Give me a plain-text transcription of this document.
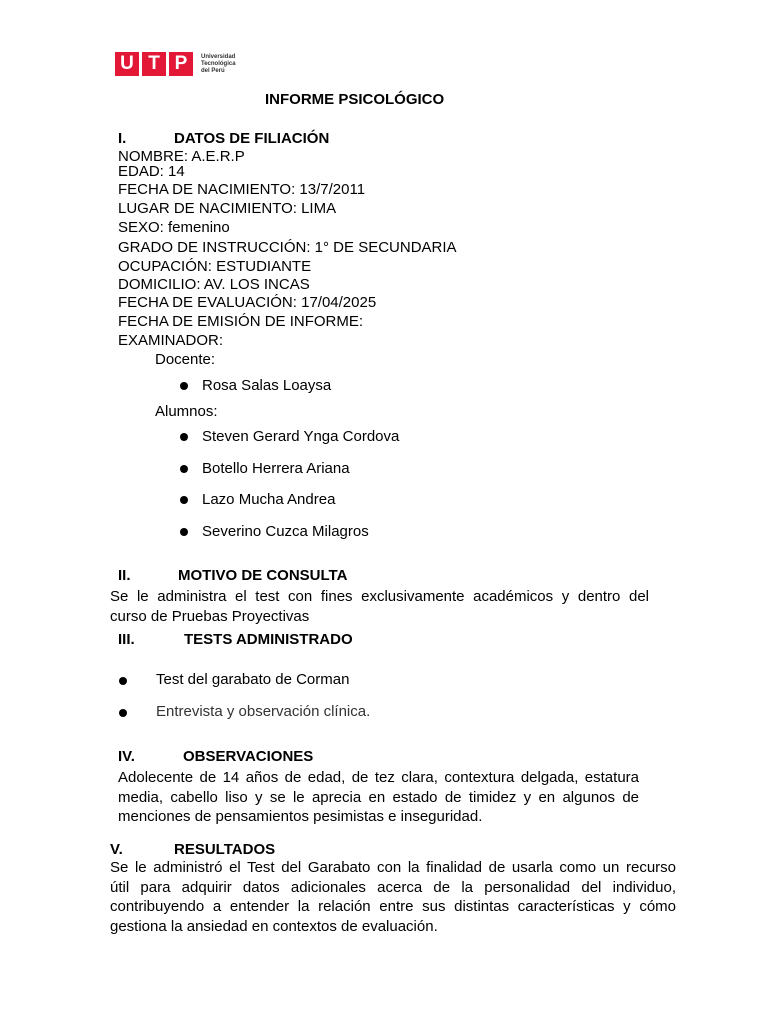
U T P	Universidad
Tecnológica
del Perú
INFORME PSICOLÓGICO
I.	DATOS DE FILIACIÓN
NOMBRE: A.E.R.P
EDAD: 14
FECHA DE NACIMIENTO: 13/7/2011
LUGAR DE NACIMIENTO: LIMA
SEXO: femenino
GRADO DE INSTRUCCIÓN: 1° DE SECUNDARIA
OCUPACIÓN: ESTUDIANTE
DOMICILIO: AV. LOS INCAS
FECHA DE EVALUACIÓN: 17/04/2025
FECHA DE EMISIÓN DE INFORME:
EXAMINADOR:
Docente:
Rosa Salas Loaysa
Alumnos:
Steven Gerard Ynga Cordova
Botello Herrera Ariana
Lazo Mucha Andrea
Severino Cuzca Milagros
II.	MOTIVO DE CONSULTA
Se le administra el test con fines exclusivamente académicos y dentro del
curso de Pruebas Proyectivas
III.	TESTS ADMINISTRADO
Test del garabato de Corman
Entrevista y observación clínica.
IV.	OBSERVACIONES
Adolecente de 14 años de edad, de tez clara, contextura delgada, estatura
media, cabello liso y se le aprecia en estado de timidez y en algunos de
menciones de pensamientos pesimistas e inseguridad.
V.	RESULTADOS
Se le administró el Test del Garabato con la finalidad de usarla como un recurso
útil para adquirir datos adicionales acerca de la personalidad del individuo,
contribuyendo a entender la relación entre sus distintas características y cómo
gestiona la ansiedad en contextos de evaluación.
